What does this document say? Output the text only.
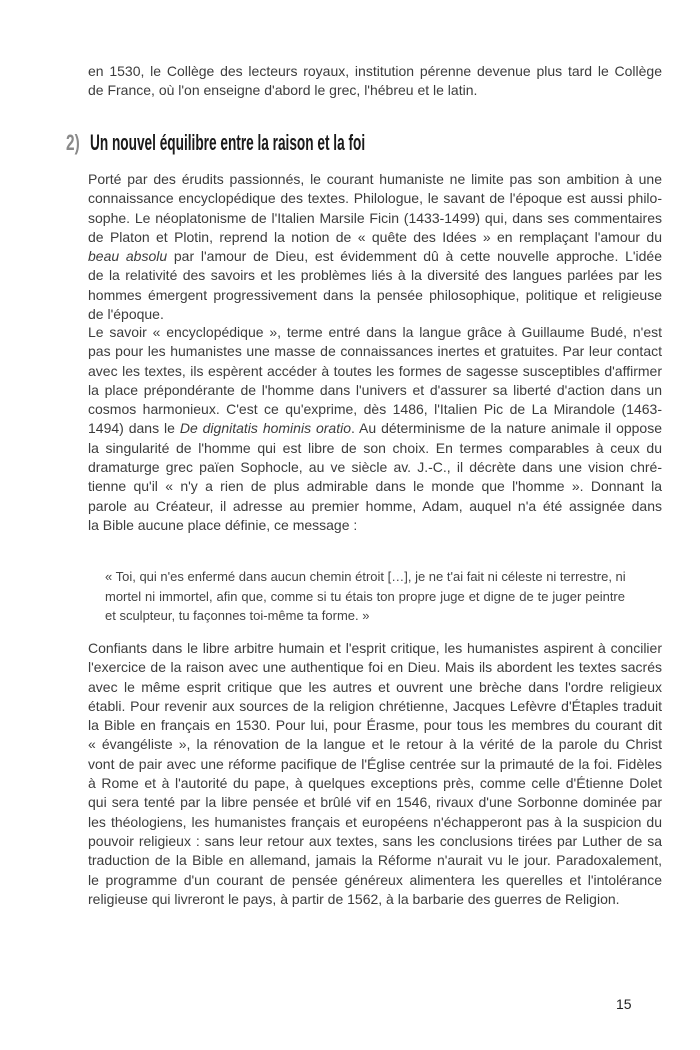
en 1530, le Collège des lecteurs royaux, institution pérenne devenue plus tard le Collège
de France, où l'on enseigne d'abord le grec, l'hébreu et le latin.
2) Un nouvel équilibre entre la raison et la foi
Porté par des érudits passionnés, le courant humaniste ne limite pas son ambition à une
connaissance encyclopédique des textes. Philologue, le savant de l'époque est aussi philo-
sophe. Le néoplatonisme de l'Italien Marsile Ficin (1433-1499) qui, dans ses commentaires
de Platon et Plotin, reprend la notion de « quête des Idées » en remplaçant l'amour du
beau absolu par l'amour de Dieu, est évidemment dû à cette nouvelle approche. L'idée
de la relativité des savoirs et les problèmes liés à la diversité des langues parlées par les
hommes émergent progressivement dans la pensée philosophique, politique et religieuse
de l'époque.
Le savoir « encyclopédique », terme entré dans la langue grâce à Guillaume Budé, n'est
pas pour les humanistes une masse de connaissances inertes et gratuites. Par leur contact
avec les textes, ils espèrent accéder à toutes les formes de sagesse susceptibles d'affirmer
la place prépondérante de l'homme dans l'univers et d'assurer sa liberté d'action dans un
cosmos harmonieux. C'est ce qu'exprime, dès 1486, l'Italien Pic de La Mirandole (1463-
1494) dans le De dignitatis hominis oratio. Au déterminisme de la nature animale il oppose
la singularité de l'homme qui est libre de son choix. En termes comparables à ceux du
dramaturge grec païen Sophocle, au ve siècle av. J.-C., il décrète dans une vision chré-
tienne qu'il « n'y a rien de plus admirable dans le monde que l'homme ». Donnant la
parole au Créateur, il adresse au premier homme, Adam, auquel n'a été assignée dans
la Bible aucune place définie, ce message :
« Toi, qui n'es enfermé dans aucun chemin étroit […], je ne t'ai fait ni céleste ni terrestre, ni
mortel ni immortel, afin que, comme si tu étais ton propre juge et digne de te juger peintre
et sculpteur, tu façonnes toi-même ta forme. »
Confiants dans le libre arbitre humain et l'esprit critique, les humanistes aspirent à concilier
l'exercice de la raison avec une authentique foi en Dieu. Mais ils abordent les textes sacrés
avec le même esprit critique que les autres et ouvrent une brèche dans l'ordre religieux
établi. Pour revenir aux sources de la religion chrétienne, Jacques Lefèvre d'Étaples traduit
la Bible en français en 1530. Pour lui, pour Érasme, pour tous les membres du courant dit
« évangéliste », la rénovation de la langue et le retour à la vérité de la parole du Christ
vont de pair avec une réforme pacifique de l'Église centrée sur la primauté de la foi. Fidèles
à Rome et à l'autorité du pape, à quelques exceptions près, comme celle d'Étienne Dolet
qui sera tenté par la libre pensée et brûlé vif en 1546, rivaux d'une Sorbonne dominée par
les théologiens, les humanistes français et européens n'échapperont pas à la suspicion du
pouvoir religieux : sans leur retour aux textes, sans les conclusions tirées par Luther de sa
traduction de la Bible en allemand, jamais la Réforme n'aurait vu le jour. Paradoxalement,
le programme d'un courant de pensée généreux alimentera les querelles et l'intolérance
religieuse qui livreront le pays, à partir de 1562, à la barbarie des guerres de Religion.
15
